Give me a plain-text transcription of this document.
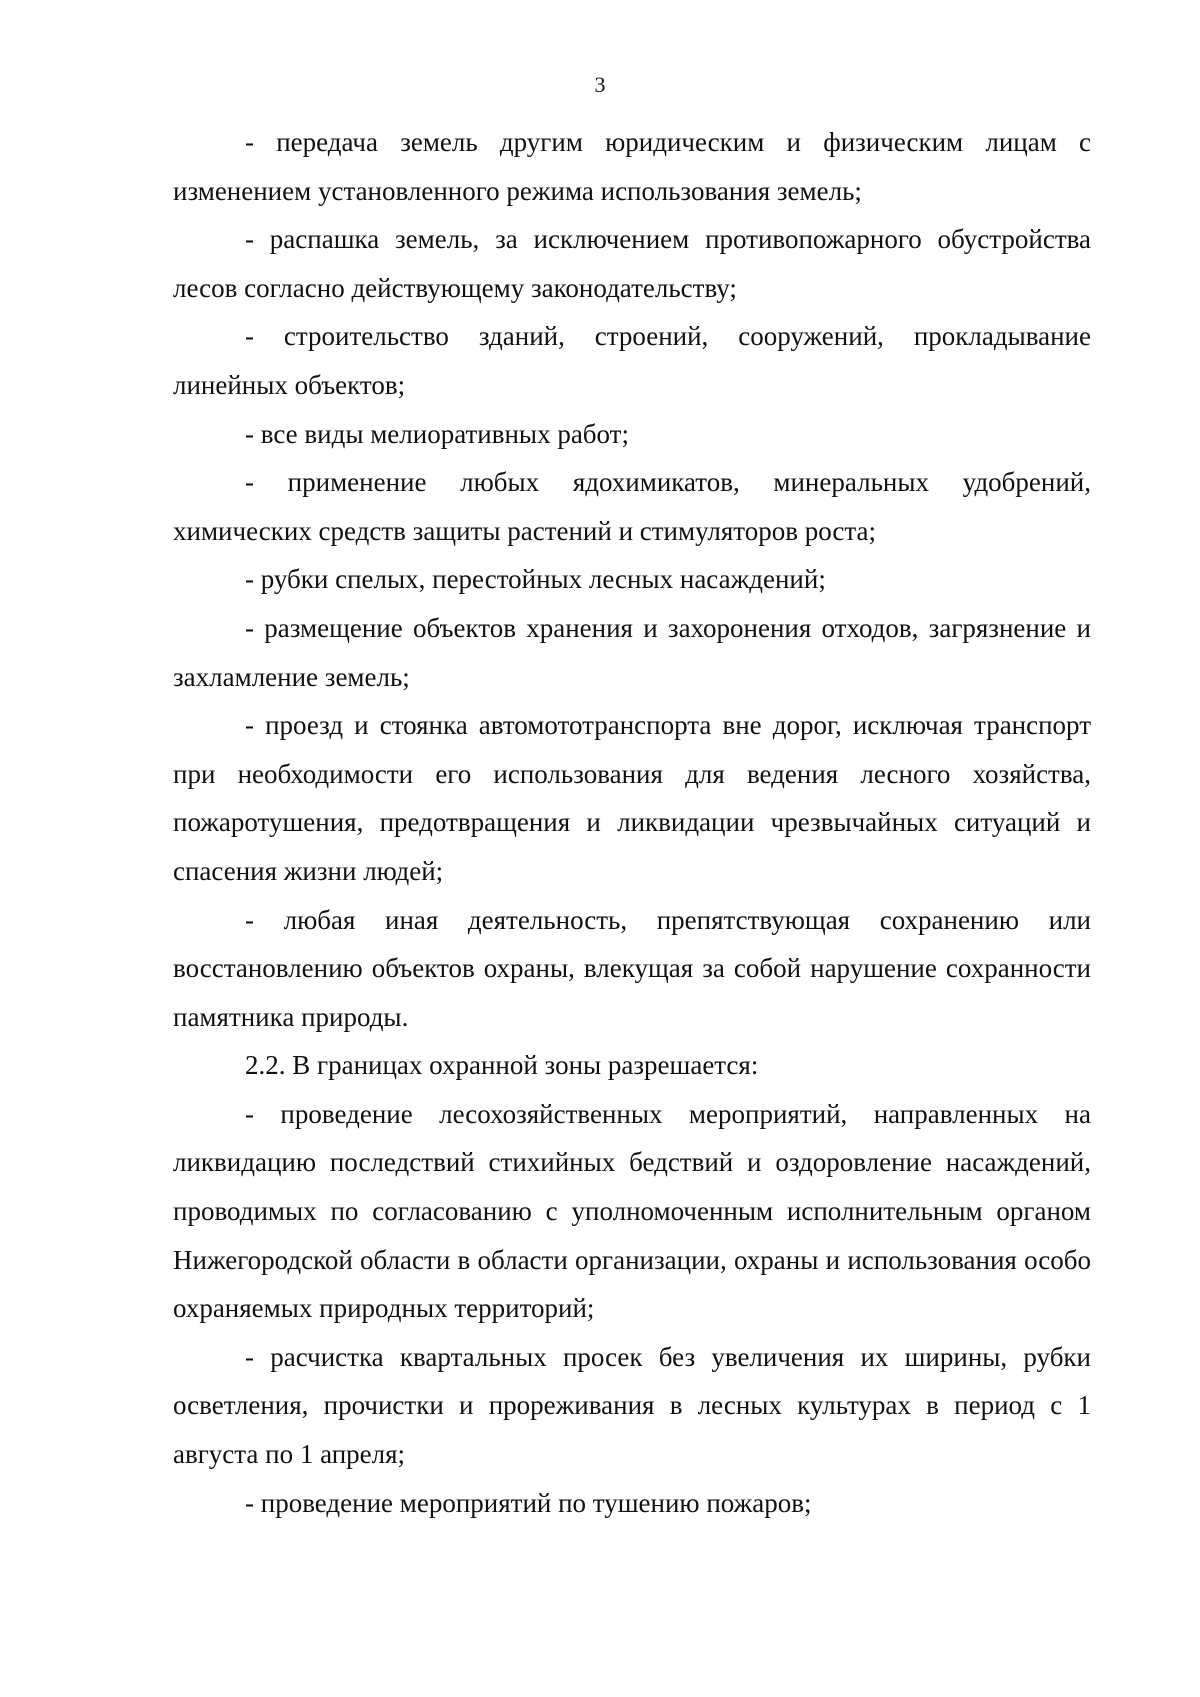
3

- передача земель другим юридическим и физическим лицам с изменением установленного режима использования земель;

- распашка земель, за исключением противопожарного обустройства лесов согласно действующему законодательству;

- строительство зданий, строений, сооружений, прокладывание линейных объектов;

- все виды мелиоративных работ;

- применение любых ядохимикатов, минеральных удобрений, химических средств защиты растений и стимуляторов роста;

- рубки спелых, перестойных лесных насаждений;

- размещение объектов хранения и захоронения отходов, загрязнение и захламление земель;

- проезд и стоянка автомототранспорта вне дорог, исключая транспорт при необходимости его использования для ведения лесного хозяйства, пожаротушения, предотвращения и ликвидации чрезвычайных ситуаций и спасения жизни людей;

- любая иная деятельность, препятствующая сохранению или восстановлению объектов охраны, влекущая за собой нарушение сохранности памятника природы.

2.2. В границах охранной зоны разрешается:

- проведение лесохозяйственных мероприятий, направленных на ликвидацию последствий стихийных бедствий и оздоровление насаждений, проводимых по согласованию с уполномоченным исполнительным органом Нижегородской области в области организации, охраны и использования особо охраняемых природных территорий;

- расчистка квартальных просек без увеличения их ширины, рубки осветления, прочистки и прореживания в лесных культурах в период с 1 августа по 1 апреля;

- проведение мероприятий по тушению пожаров;
